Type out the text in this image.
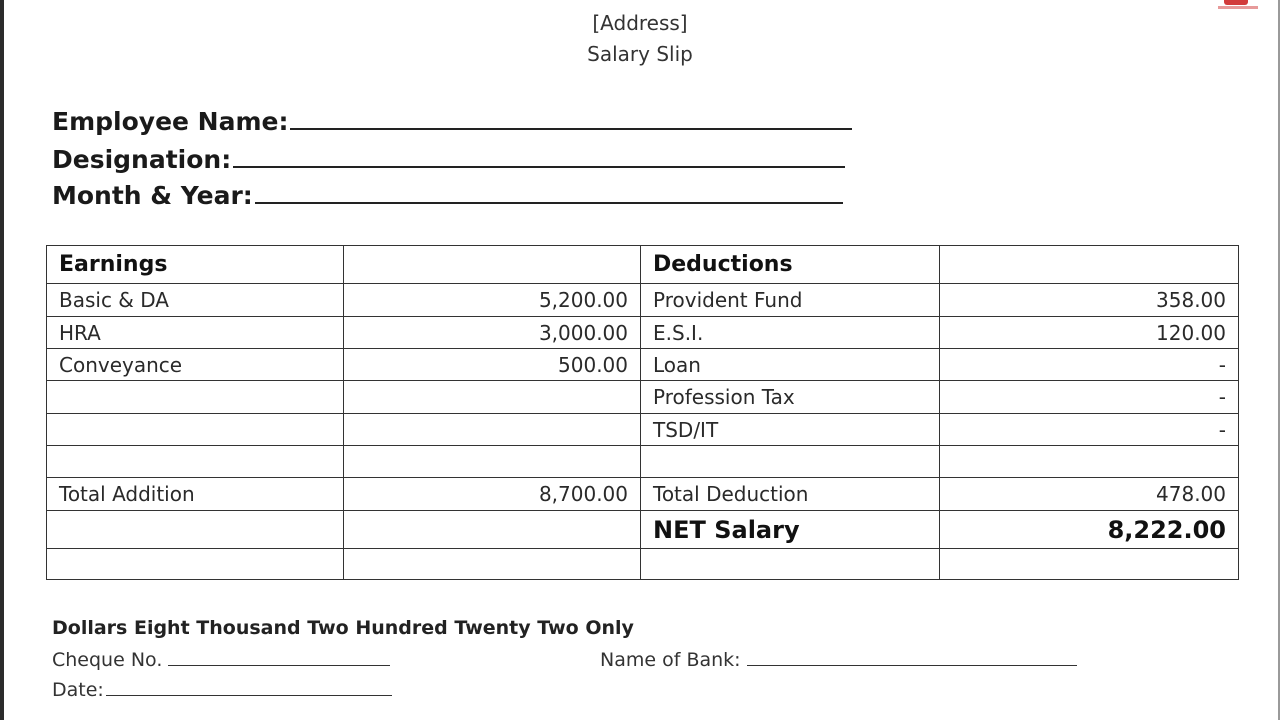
[Address]
Salary Slip
Employee Name:
Designation:
Month & Year:
Earnings		Deductions	
Basic & DA	5,200.00	Provident Fund	358.00
HRA	3,000.00	E.S.I.	120.00
Conveyance	500.00	Loan	-
		Profession Tax	-
		TSD/IT	-

Total Addition	8,700.00	Total Deduction	478.00
		NET Salary	8,222.00

Dollars Eight Thousand Two Hundred Twenty Two Only
Cheque No.	Name of Bank:
Date:
